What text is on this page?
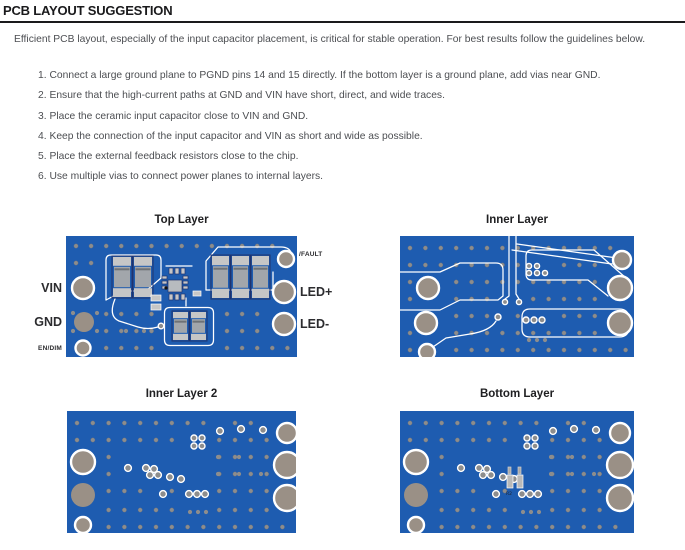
PCB LAYOUT SUGGESTION
Efficient PCB layout, especially of the input capacitor placement, is critical for stable operation. For best results follow the guidelines below.
1. Connect a large ground plane to PGND pins 14 and 15 directly. If the bottom layer is a ground plane, add vias near GND.
2. Ensure that the high-current paths at GND and VIN have short, direct, and wide traces.
3. Place the ceramic input capacitor close to VIN and GND.
4. Keep the connection of the input capacitor and VIN as short and wide as possible.
5. Place the external feedback resistors close to the chip.
6. Use multiple vias to connect power planes to internal layers.
Top Layer
VIN
GND
EN/DIM
/FAULT
LED+
LED-
Inner Layer
Inner Layer 2	Bottom Layer
R2
